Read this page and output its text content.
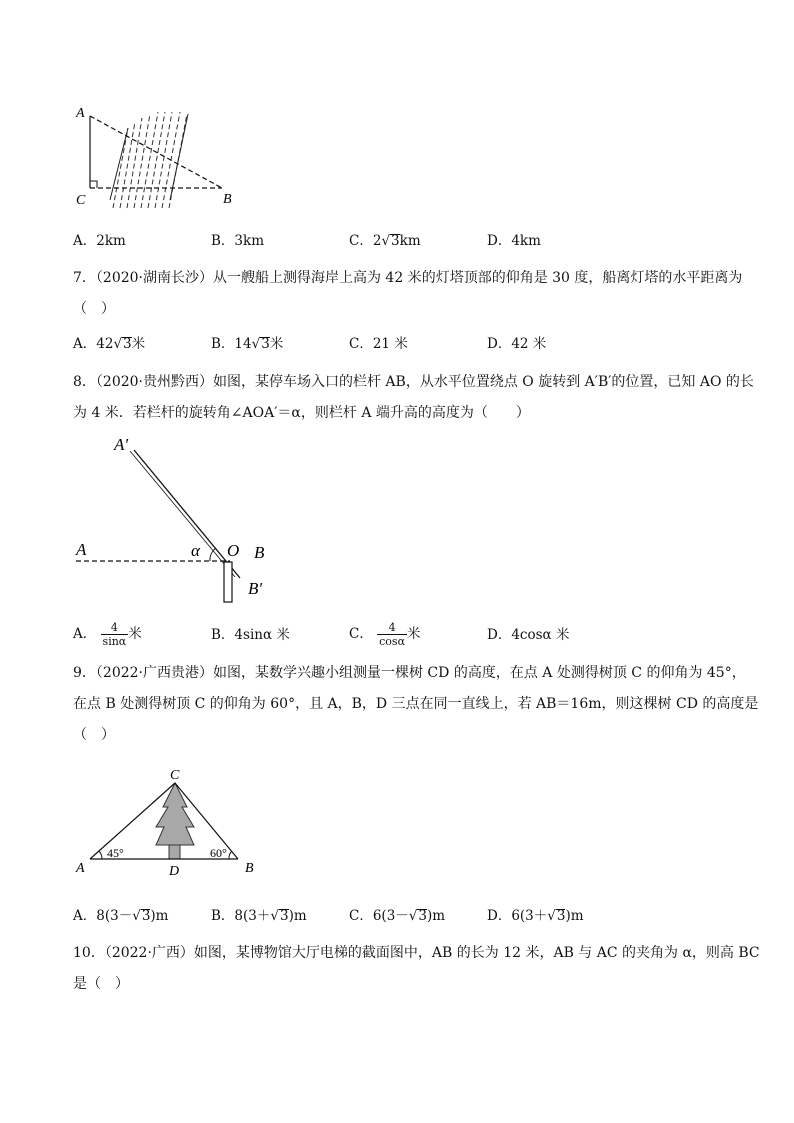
A
C	B
A．2km	B．3km	C．2√3km	D．4km
7．（2020·湖南长沙）从一艘船上测得海岸上高为 42 米的灯塔顶部的仰角是 30 度，船离灯塔的水平距离为
（　）
A．42√3米	B．14√3米	C．21 米	D．42 米
8．（2020·贵州黔西）如图，某停车场入口的栏杆 AB，从水平位置绕点 O 旋转到 A′B′的位置，已知 AO 的长
为 4 米．若栏杆的旋转角∠AOA′＝α，则栏杆 A 端升高的高度为（　　）
A′
A	α O B
B′
A． $\frac{4}{\sin\alpha}$ 米	B．4sinα 米	C． $\frac{4}{\cos\alpha}$ 米	D．4cosα 米
9．（2022·广西贵港）如图，某数学兴趣小组测量一棵树 CD 的高度，在点 A 处测得树顶 C 的仰角为 45°，
在点 B 处测得树顶 C 的仰角为 60°，且 A，B，D 三点在同一直线上，若 AB＝16m，则这棵树 CD 的高度是
（　）
C
A	D	B
45°	60°
A．8(3－√3)m	B．8(3＋√3)m	C．6(3－√3)m	D．6(3＋√3)m
10．（2022·广西）如图，某博物馆大厅电梯的截面图中，AB 的长为 12 米，AB 与 AC 的夹角为 α，则高 BC
是（　）
